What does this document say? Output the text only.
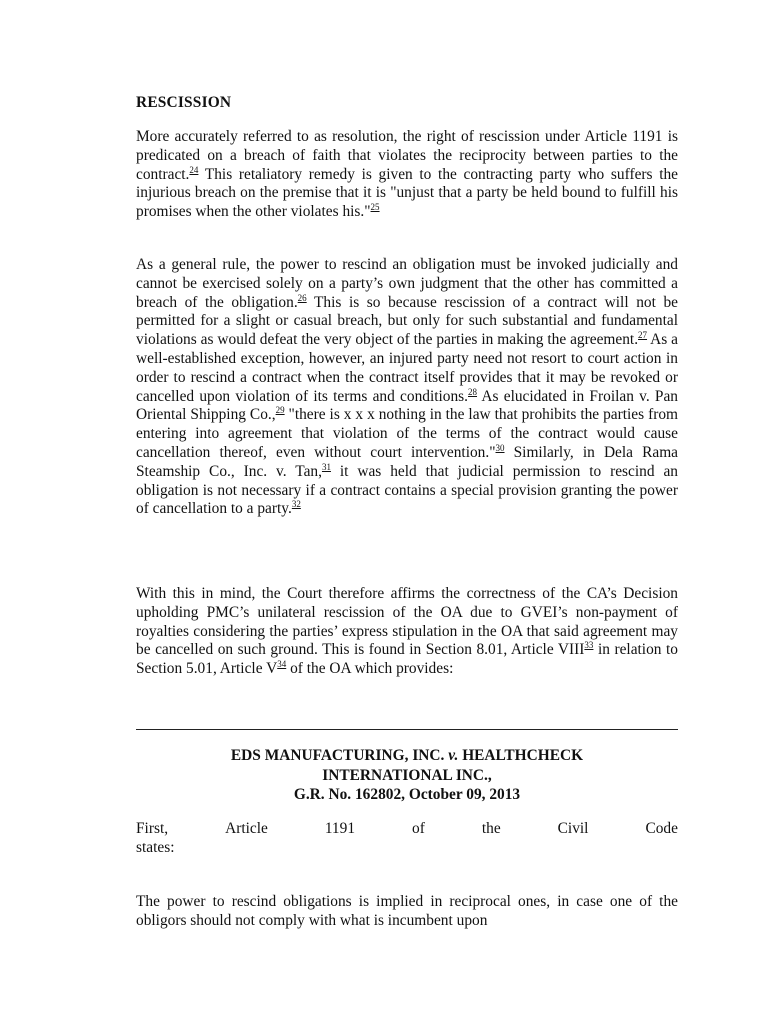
RESCISSION
More accurately referred to as resolution, the right of rescission under Article 1191 is predicated on a breach of faith that violates the reciprocity between parties to the contract.$^{24}$ This retaliatory remedy is given to the contracting party who suffers the injurious breach on the premise that it is "unjust that a party be held bound to fulfill his promises when the other violates his."$^{25}$
As a general rule, the power to rescind an obligation must be invoked judicially and cannot be exercised solely on a party’s own judgment that the other has committed a breach of the obligation.$^{26}$ This is so because rescission of a contract will not be permitted for a slight or casual breach, but only for such substantial and fundamental violations as would defeat the very object of the parties in making the agreement.$^{27}$ As a well-established exception, however, an injured party need not resort to court action in order to rescind a contract when the contract itself provides that it may be revoked or cancelled upon violation of its terms and conditions.$^{28}$ As elucidated in Froilan v. Pan Oriental Shipping Co.,$^{29}$ "there is x x x nothing in the law that prohibits the parties from entering into agreement that violation of the terms of the contract would cause cancellation thereof, even without court intervention."$^{30}$ Similarly, in Dela Rama Steamship Co., Inc. v. Tan,$^{31}$ it was held that judicial permission to rescind an obligation is not necessary if a contract contains a special provision granting the power of cancellation to a party.$^{32}$
With this in mind, the Court therefore affirms the correctness of the CA’s Decision upholding PMC’s unilateral rescission of the OA due to GVEI’s non-payment of royalties considering the parties’ express stipulation in the OA that said agreement may be cancelled on such ground. This is found in Section 8.01, Article VIII$^{33}$ in relation to Section 5.01, Article V$^{34}$ of the OA which provides:
EDS MANUFACTURING, INC. v. HEALTHCHECK
INTERNATIONAL INC.,
G.R. No. 162802, October 09, 2013
First,	Article	1191	of	the	Civil	Code
states:
The power to rescind obligations is implied in reciprocal ones, in case one of the obligors should not comply with what is incumbent upon
